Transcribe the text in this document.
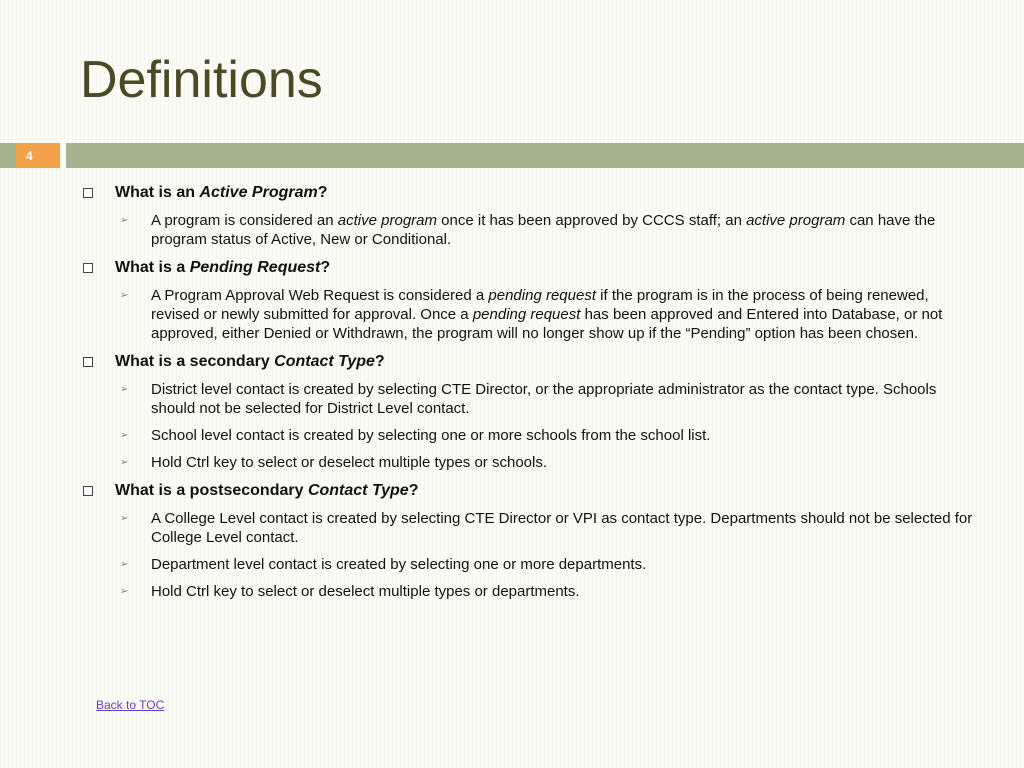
Definitions
4
What is an Active Program?
➢ A program is considered an active program once it has been approved by CCCS staff; an active program can have the program status of Active, New or Conditional.
What is a Pending Request?
➢ A Program Approval Web Request is considered a pending request if the program is in the process of being renewed, revised or newly submitted for approval. Once a pending request has been approved and Entered into Database, or not approved, either Denied or Withdrawn, the program will no longer show up if the “Pending” option has been chosen.
What is a secondary Contact Type?
➢ District level contact is created by selecting CTE Director, or the appropriate administrator as the contact type. Schools should not be selected for District Level contact.
➢ School level contact is created by selecting one or more schools from the school list.
➢ Hold Ctrl key to select or deselect multiple types or schools.
What is a postsecondary Contact Type?
➢ A College Level contact is created by selecting CTE Director or VPI as contact type. Departments should not be selected for College Level contact.
➢ Department level contact is created by selecting one or more departments.
➢ Hold Ctrl key to select or deselect multiple types or departments.
Back to TOC
